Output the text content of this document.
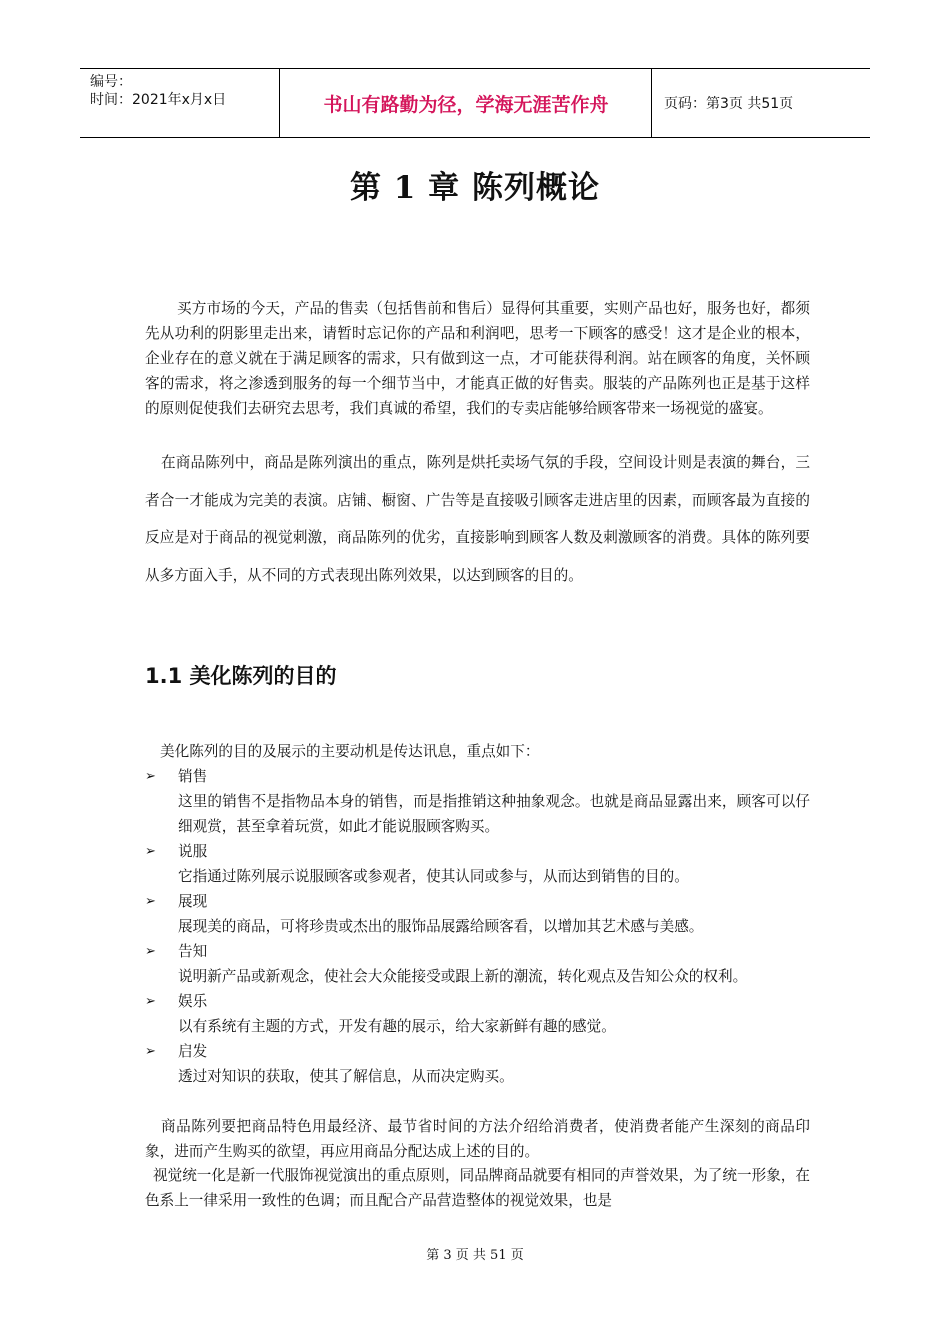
编号：
时间：2021年x月x日	书山有路勤为径，学海无涯苦作舟	页码：第3页 共51页
第 1 章 陈列概论
买方市场的今天，产品的售卖（包括售前和售后）显得何其重要，实则产品也好，服务也好，都须先从功利的阴影里走出来，请暂时忘记你的产品和利润吧，思考一下顾客的感受！这才是企业的根本，企业存在的意义就在于满足顾客的需求，只有做到这一点，才可能获得利润。站在顾客的角度，关怀顾客的需求，将之渗透到服务的每一个细节当中，才能真正做的好售卖。服装的产品陈列也正是基于这样的原则促使我们去研究去思考，我们真诚的希望，我们的专卖店能够给顾客带来一场视觉的盛宴。
在商品陈列中，商品是陈列演出的重点，陈列是烘托卖场气氛的手段，空间设计则是表演的舞台，三者合一才能成为完美的表演。店铺、橱窗、广告等是直接吸引顾客走进店里的因素，而顾客最为直接的反应是对于商品的视觉刺激，商品陈列的优劣，直接影响到顾客人数及刺激顾客的消费。具体的陈列要从多方面入手，从不同的方式表现出陈列效果，以达到顾客的目的。
1.1 美化陈列的目的
美化陈列的目的及展示的主要动机是传达讯息，重点如下：
➢	销售
这里的销售不是指物品本身的销售，而是指推销这种抽象观念。也就是商品显露出来，顾客可以仔细观赏，甚至拿着玩赏，如此才能说服顾客购买。
➢	说服
它指通过陈列展示说服顾客或参观者，使其认同或参与，从而达到销售的目的。
➢	展现
展现美的商品，可将珍贵或杰出的服饰品展露给顾客看，以增加其艺术感与美感。
➢	告知
说明新产品或新观念，使社会大众能接受或跟上新的潮流，转化观点及告知公众的权利。
➢	娱乐
以有系统有主题的方式，开发有趣的展示，给大家新鲜有趣的感觉。
➢	启发
透过对知识的获取，使其了解信息，从而决定购买。
商品陈列要把商品特色用最经济、最节省时间的方法介绍给消费者，使消费者能产生深刻的商品印象，进而产生购买的欲望，再应用商品分配达成上述的目的。
视觉统一化是新一代服饰视觉演出的重点原则，同品牌商品就要有相同的声誉效果，为了统一形象，在色系上一律采用一致性的色调；而且配合产品营造整体的视觉效果，也是
第 3 页 共 51 页
